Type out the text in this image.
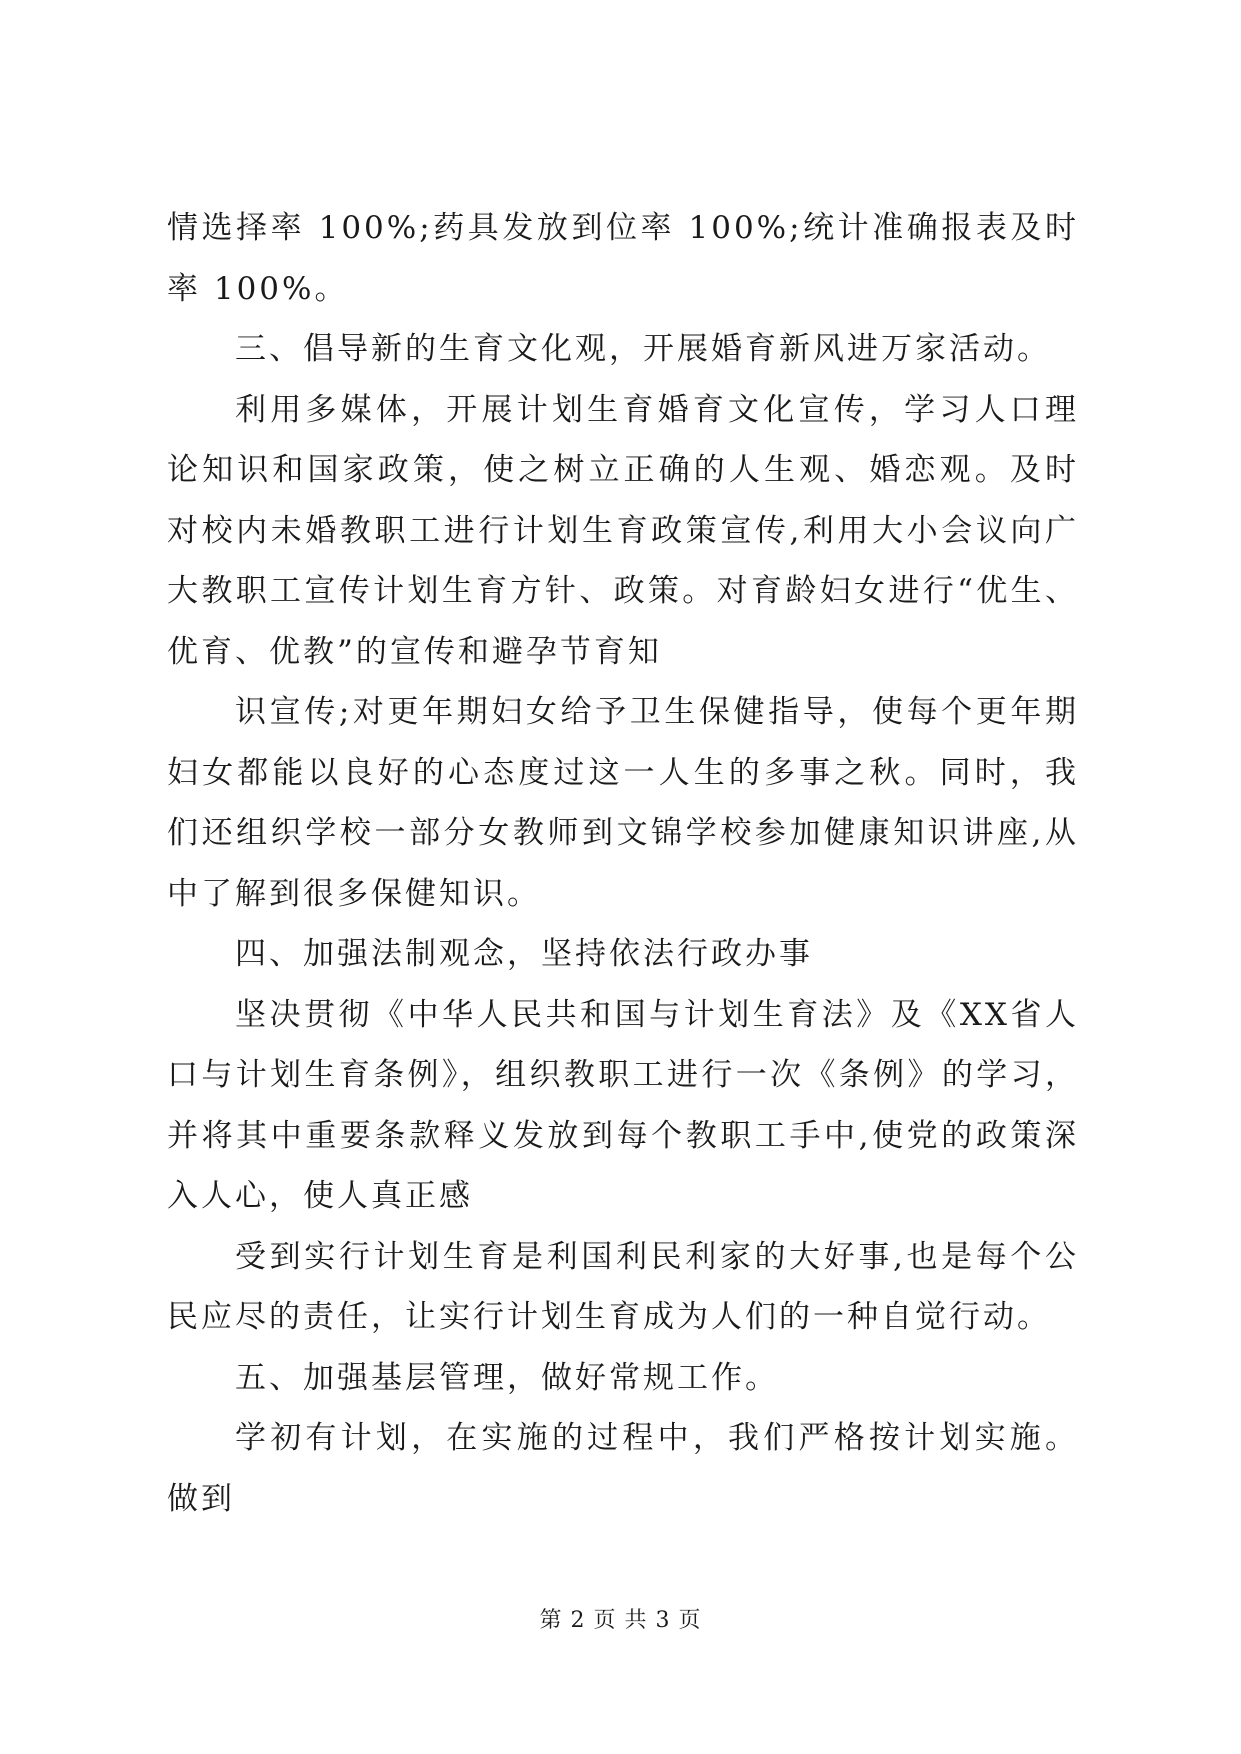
情选择率 100%;药具发放到位率 100%;统计准确报表及时率 100%。

三、倡导新的生育文化观，开展婚育新风进万家活动。

利用多媒体，开展计划生育婚育文化宣传，学习人口理论知识和国家政策，使之树立正确的人生观、婚恋观。及时对校内未婚教职工进行计划生育政策宣传,利用大小会议向广大教职工宣传计划生育方针、政策。对育龄妇女进行“优生、优育、优教”的宣传和避孕节育知

识宣传;对更年期妇女给予卫生保健指导，使每个更年期妇女都能以良好的心态度过这一人生的多事之秋。同时，我们还组织学校一部分女教师到文锦学校参加健康知识讲座,从中了解到很多保健知识。

四、加强法制观念，坚持依法行政办事

坚决贯彻《中华人民共和国与计划生育法》及《XX省人口与计划生育条例》，组织教职工进行一次《条例》的学习，并将其中重要条款释义发放到每个教职工手中,使党的政策深入人心，使人真正感

受到实行计划生育是利国利民利家的大好事,也是每个公民应尽的责任，让实行计划生育成为人们的一种自觉行动。

五、加强基层管理，做好常规工作。

学初有计划，在实施的过程中，我们严格按计划实施。做到

第 2 页 共 3 页
